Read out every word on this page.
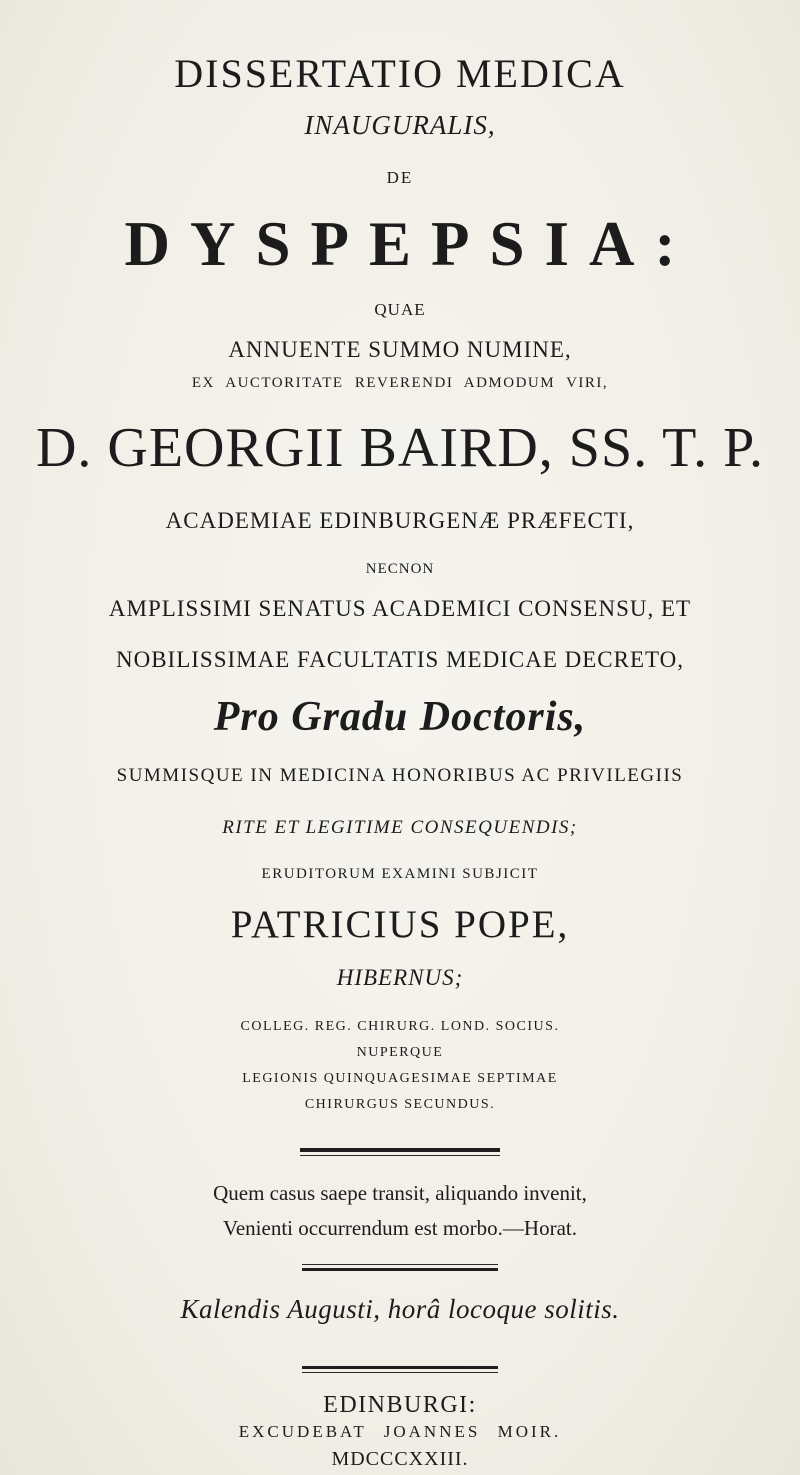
DISSERTATIO MEDICA
INAUGURALIS,
DE
DYSPEPSIA:
QUAE
ANNUENTE SUMMO NUMINE,
EX AUCTORITATE REVERENDI ADMODUM VIRI,
D. GEORGII BAIRD, SS. T. P.
ACADEMIAE EDINBURGENÆ PRÆFECTI,
NECNON
AMPLISSIMI SENATUS ACADEMICI CONSENSU, ET
NOBILISSIMAE FACULTATIS MEDICAE DECRETO,
Pro Gradu Doctoris,
SUMMISQUE IN MEDICINA HONORIBUS AC PRIVILEGIIS
RITE ET LEGITIME CONSEQUENDIS;
ERUDITORUM EXAMINI SUBJICIT
PATRICIUS POPE,
HIBERNUS;
COLLEG. REG. CHIRURG. LOND. SOCIUS.
NUPERQUE
LEGIONIS QUINQUAGESIMAE SEPTIMAE
CHIRURGUS SECUNDUS.
Quem casus saepe transit, aliquando invenit,
Venienti occurrendum est morbo.—Horat.
Kalendis Augusti, horâ locoque solitis.
EDINBURGI:
EXCUDEBAT JOANNES MOIR.
MDCCCXXIII.
